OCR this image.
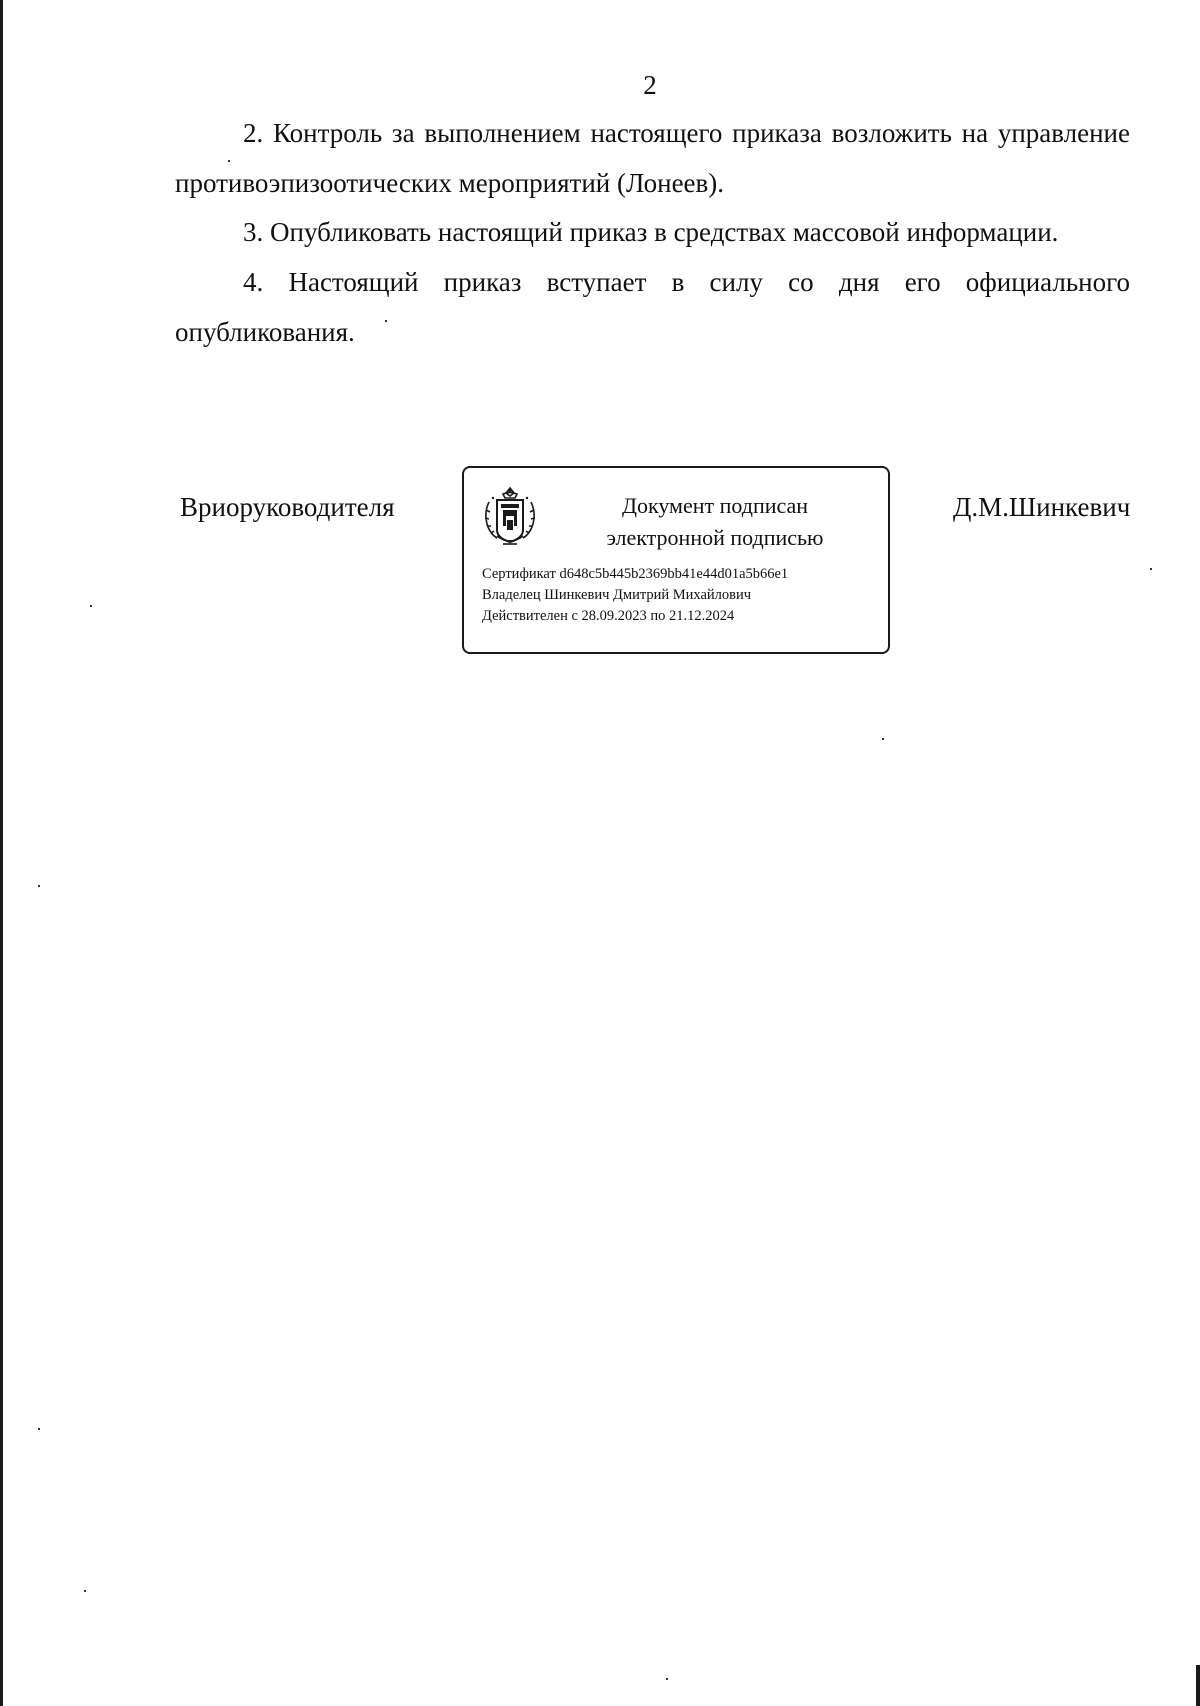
2

2. Контроль за выполнением настоящего приказа возложить на управление противоэпизоотических мероприятий (Лонеев).

3. Опубликовать настоящий приказ в средствах массовой информации.

4. Настоящий приказ вступает в силу со дня его официального опубликования.

Вриоруководителя	Документ подписан
электронной подписью
Сертификат d648c5b445b2369bb41e44d01a5b66e1
Владелец Шинкевич Дмитрий Михайлович
Действителен с 28.09.2023 по 21.12.2024
Д.М.Шинкевич
